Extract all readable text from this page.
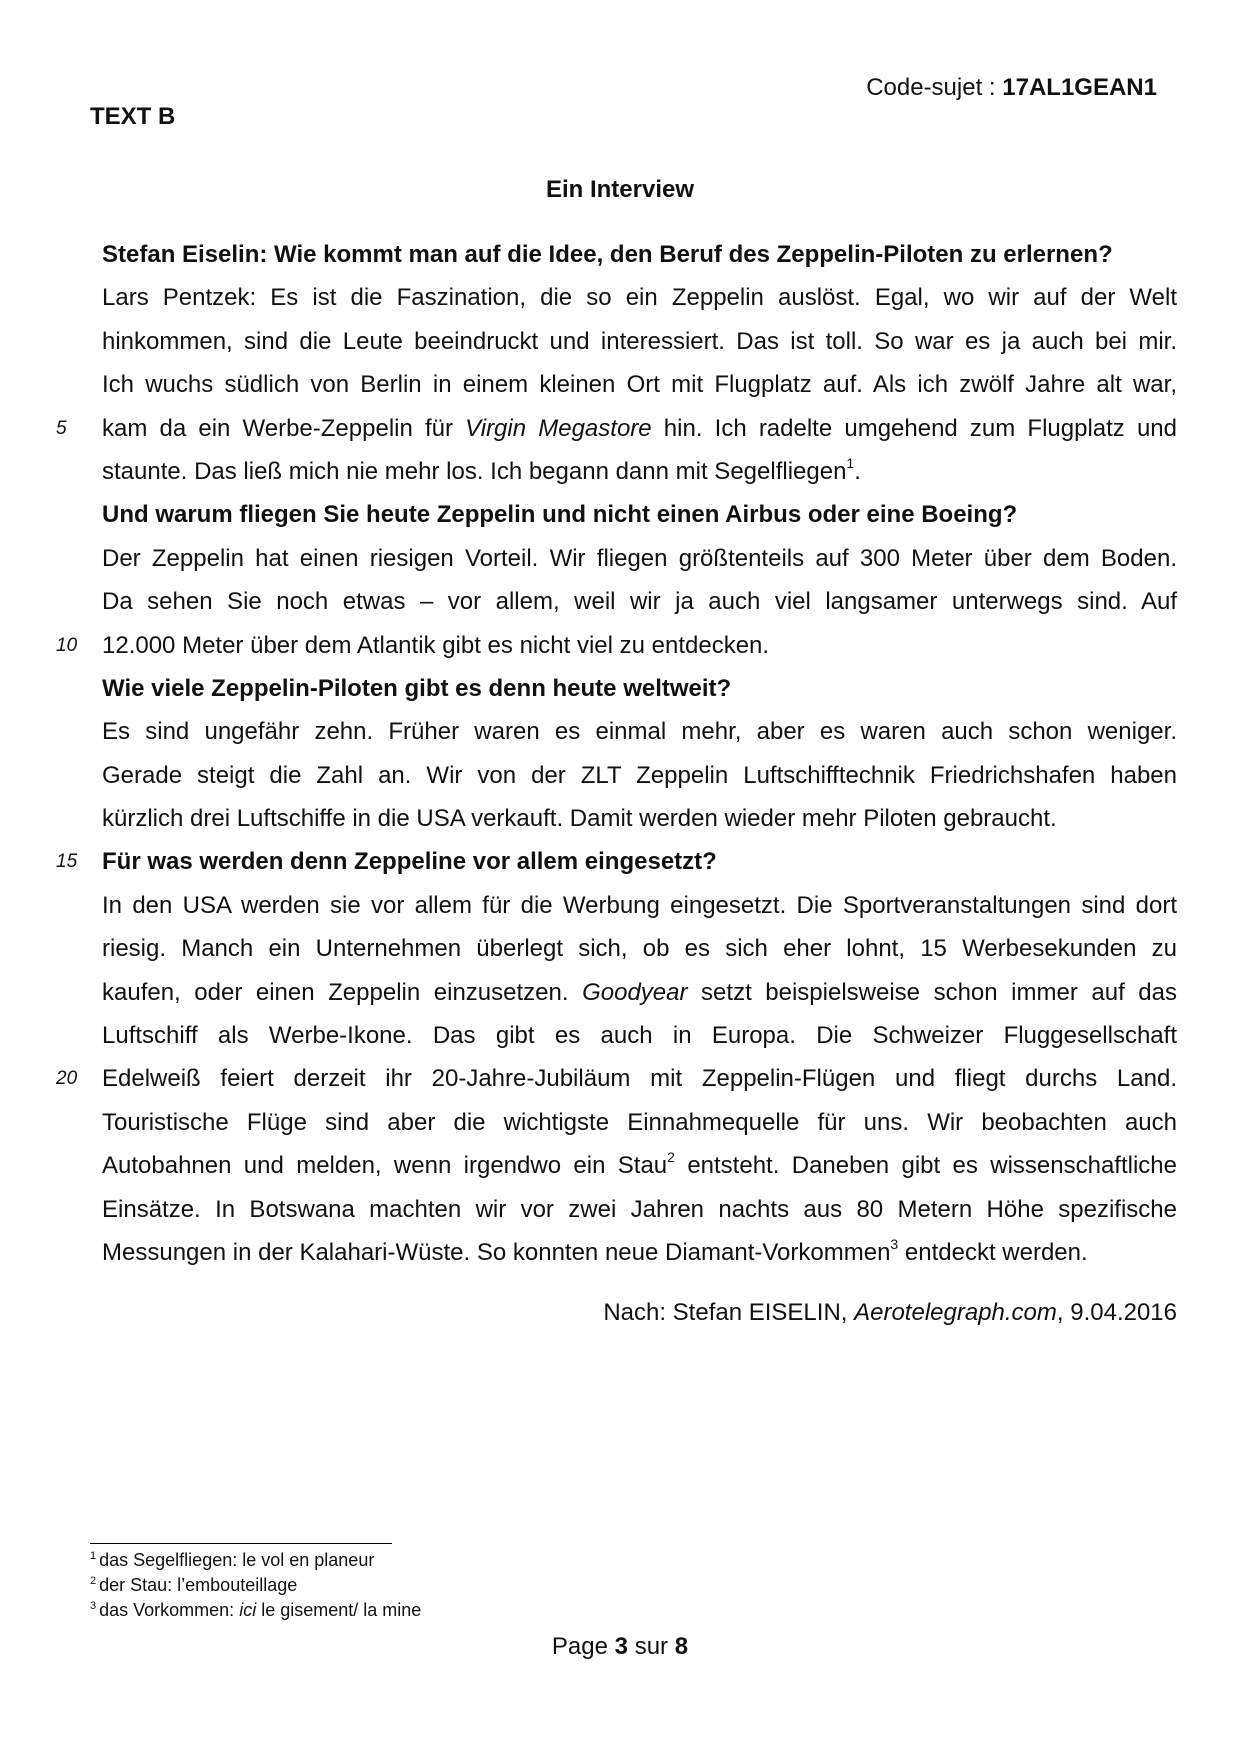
Code-sujet : 17AL1GEAN1
TEXT B
Ein Interview
Stefan Eiselin: Wie kommt man auf die Idee, den Beruf des Zeppelin-Piloten zu erlernen?
Lars Pentzek: Es ist die Faszination, die so ein Zeppelin auslöst. Egal, wo wir auf der Welt
hinkommen, sind die Leute beeindruckt und interessiert. Das ist toll. So war es ja auch bei mir.
Ich wuchs südlich von Berlin in einem kleinen Ort mit Flugplatz auf. Als ich zwölf Jahre alt war,
5 kam da ein Werbe-Zeppelin für Virgin Megastore hin. Ich radelte umgehend zum Flugplatz und
staunte. Das ließ mich nie mehr los. Ich begann dann mit Segelfliegen$^1$.
Und warum fliegen Sie heute Zeppelin und nicht einen Airbus oder eine Boeing?
Der Zeppelin hat einen riesigen Vorteil. Wir fliegen größtenteils auf 300 Meter über dem Boden.
Da sehen Sie noch etwas – vor allem, weil wir ja auch viel langsamer unterwegs sind. Auf
10 12.000 Meter über dem Atlantik gibt es nicht viel zu entdecken.
Wie viele Zeppelin-Piloten gibt es denn heute weltweit?
Es sind ungefähr zehn. Früher waren es einmal mehr, aber es waren auch schon weniger.
Gerade steigt die Zahl an. Wir von der ZLT Zeppelin Luftschifftechnik Friedrichshafen haben
kürzlich drei Luftschiffe in die USA verkauft. Damit werden wieder mehr Piloten gebraucht.
15 Für was werden denn Zeppeline vor allem eingesetzt?
In den USA werden sie vor allem für die Werbung eingesetzt. Die Sportveranstaltungen sind dort
riesig. Manch ein Unternehmen überlegt sich, ob es sich eher lohnt, 15 Werbesekunden zu
kaufen, oder einen Zeppelin einzusetzen. Goodyear setzt beispielsweise schon immer auf das
Luftschiff als Werbe-Ikone. Das gibt es auch in Europa. Die Schweizer Fluggesellschaft
20 Edelweiß feiert derzeit ihr 20-Jahre-Jubiläum mit Zeppelin-Flügen und fliegt durchs Land.
Touristische Flüge sind aber die wichtigste Einnahmequelle für uns. Wir beobachten auch
Autobahnen und melden, wenn irgendwo ein Stau$^2$ entsteht. Daneben gibt es wissenschaftliche
Einsätze. In Botswana machten wir vor zwei Jahren nachts aus 80 Metern Höhe spezifische
Messungen in der Kalahari-Wüste. So konnten neue Diamant-Vorkommen$^3$ entdeckt werden.
Nach: Stefan EISELIN, Aerotelegraph.com, 9.04.2016
$^1$ das Segelfliegen: le vol en planeur
$^2$ der Stau: l’embouteillage
$^3$ das Vorkommen: ici le gisement/ la mine
Page 3 sur 8
